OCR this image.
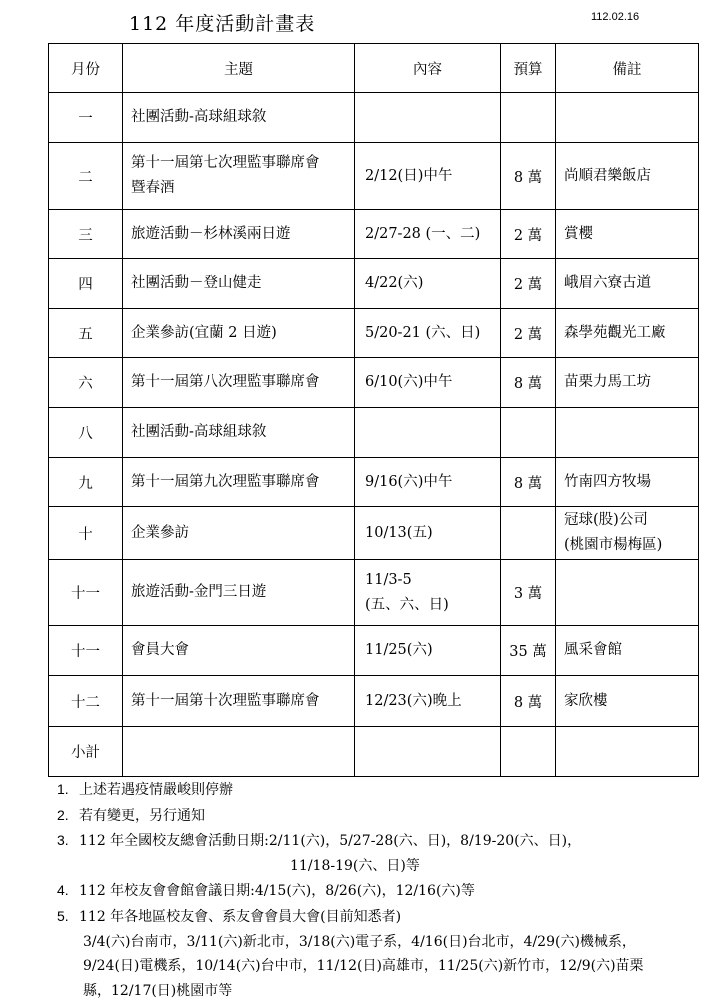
112 年度活動計畫表	112.02.16
月份	主題	內容	預算	備註
一	社團活動-高球組球敘			
二	第十一屆第七次理監事聯席會
暨春酒	2/12(日)中午	8 萬	尚順君樂飯店
三	旅遊活動－杉林溪兩日遊	2/27-28 (一、二)	2 萬	賞櫻
四	社團活動－登山健走	4/22(六)	2 萬	峨眉六寮古道
五	企業參訪(宜蘭 2 日遊)	5/20-21 (六、日)	2 萬	森學苑觀光工廠
六	第十一屆第八次理監事聯席會	6/10(六)中午	8 萬	苗栗力馬工坊
八	社團活動-高球組球敘			
九	第十一屆第九次理監事聯席會	9/16(六)中午	8 萬	竹南四方牧場
十	企業參訪	10/13(五)		冠球(股)公司
(桃園市楊梅區)
十一	旅遊活動-金門三日遊	11/3-5
(五、六、日)	3 萬	
十一	會員大會	11/25(六)	35 萬	風采會館
十二	第十一屆第十次理監事聯席會	12/23(六)晚上	8 萬	家欣樓
小計				
1. 上述若遇疫情嚴峻則停辦
2. 若有變更，另行通知
3. 112 年全國校友總會活動日期:2/11(六)，5/27-28(六、日)，8/19-20(六、日)，
11/18-19(六、日)等
4. 112 年校友會會館會議日期:4/15(六)，8/26(六)，12/16(六)等
5. 112 年各地區校友會、系友會會員大會(目前知悉者)
3/4(六)台南市，3/11(六)新北市，3/18(六)電子系，4/16(日)台北市，4/29(六)機械系，
9/24(日)電機系，10/14(六)台中市，11/12(日)高雄市，11/25(六)新竹市，12/9(六)苗栗
縣，12/17(日)桃園市等
